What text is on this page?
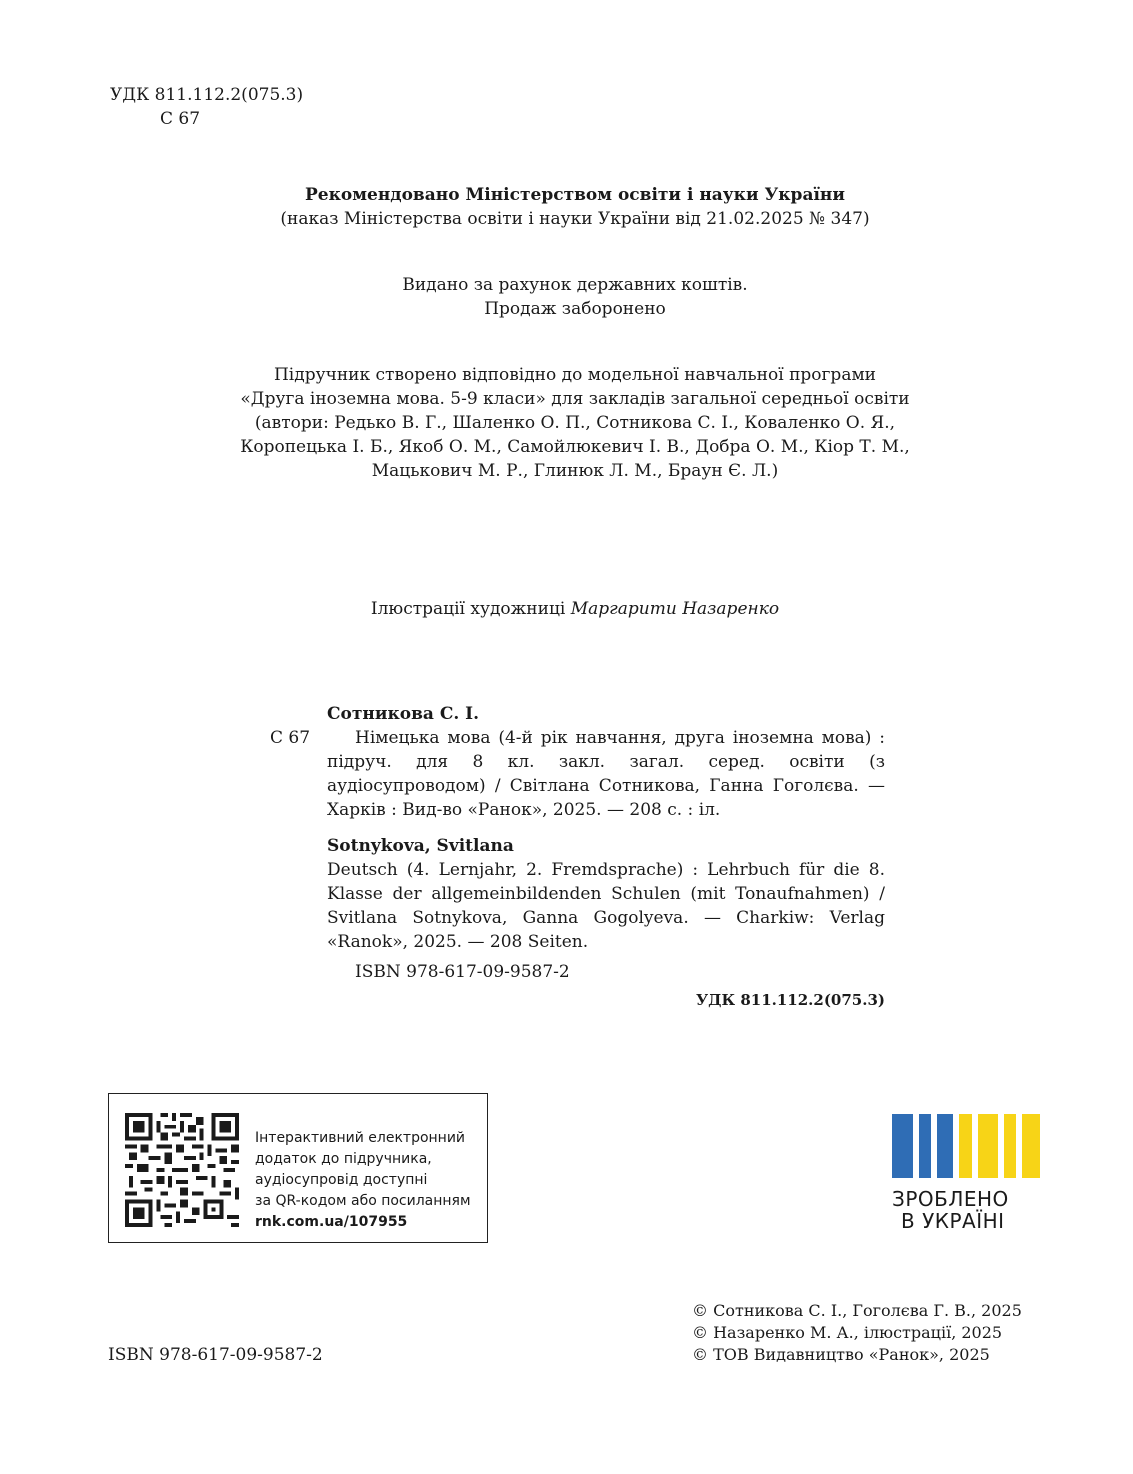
УДК 811.112.2(075.3)
С 67
Рекомендовано Міністерством освіти і науки України
(наказ Міністерства освіти і науки України від 21.02.2025 № 347)
Видано за рахунок державних коштів.
Продаж заборонено
Підручник створено відповідно до модельної навчальної програми
«Друга іноземна мова. 5-9 класи» для закладів загальної середньої освіти
(автори: Редько В. Г., Шаленко О. П., Сотникова С. І., Коваленко О. Я.,
Коропецька І. Б., Якоб О. М., Самойлюкевич І. В., Добра О. М., Кіор Т. М.,
Мацькович М. Р., Глинюк Л. М., Браун Є. Л.)
Ілюстрації художниці Маргарити Назаренко
Сотникова С. І.
С 67	Німецька мова (4-й рік навчання, друга іноземна мова) : підруч. для 8 кл. закл. загал. серед. освіти (з аудіосупроводом) / Світлана Сотникова, Ганна Гоголєва. — Харків : Вид-во «Ранок», 2025. — 208 с. : іл.
Sotnykova, Svitlana
Deutsch (4. Lernjahr, 2. Fremdsprache) : Lehrbuch für die 8. Klasse der allgemeinbildenden Schulen (mit Tonaufnahmen) / Svitlana Sotnykova, Ganna Gogolyeva. — Charkiw: Verlag «Ranok», 2025. — 208 Seiten.
ISBN 978-617-09-9587-2
УДК 811.112.2(075.3)
Інтерактивний електронний
додаток до підручника,
аудіосупровід доступні
за QR-кодом або посиланням
rnk.com.ua/107955
ЗРОБЛЕНО
В УКРАЇНІ
ISBN 978-617-09-9587-2
© Сотникова С. І., Гоголєва Г. В., 2025
© Назаренко М. А., ілюстрації, 2025
© ТОВ Видавництво «Ранок», 2025
